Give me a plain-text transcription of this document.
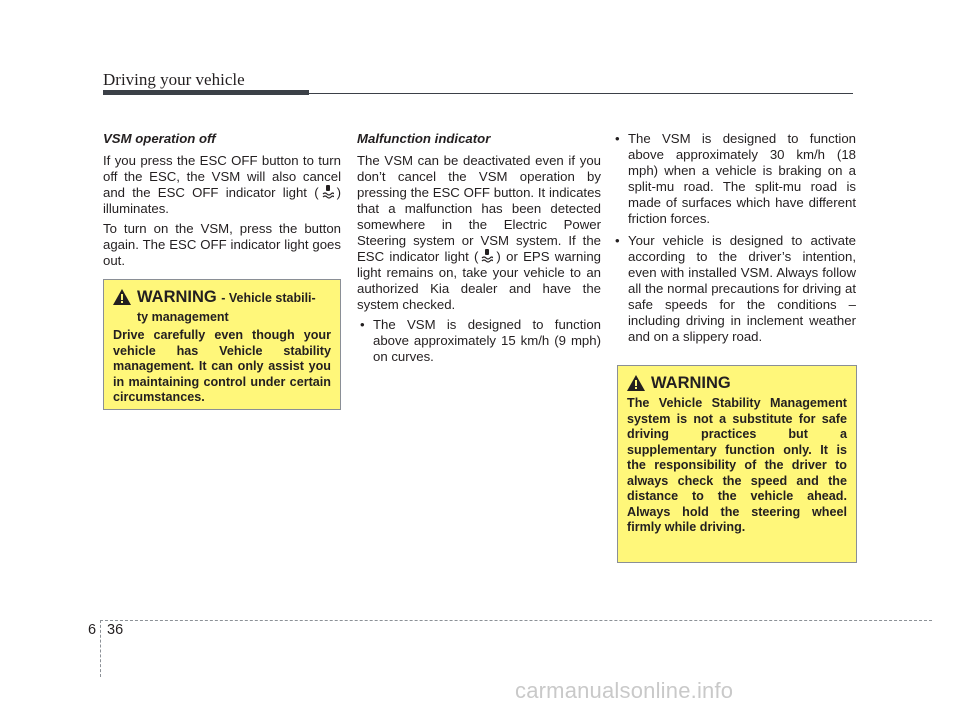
Driving your vehicle
VSM operation off

If you press the ESC OFF button to turn off the ESC, the VSM will also cancel and the ESC OFF indicator light ( ) illuminates.

To turn on the VSM, press the button again. The ESC OFF indicator light goes out.

WARNING - Vehicle stabili-
ty management
Drive carefully even though your vehicle has Vehicle stability management. It can only assist you in maintaining control under certain circumstances.
Malfunction indicator

The VSM can be deactivated even if you don’t cancel the VSM operation by pressing the ESC OFF button. It indicates that a malfunction has been detected somewhere in the Electric Power Steering system or VSM system. If the ESC indicator light ( ) or EPS warning light remains on, take your vehicle to an authorized Kia dealer and have the system checked.

• The VSM is designed to function above approximately 15 km/h (9 mph) on curves.
• The VSM is designed to function above approximately 30 km/h (18 mph) when a vehicle is braking on a split-mu road. The split-mu road is made of surfaces which have different friction forces.
• Your vehicle is designed to activate according to the driver’s intention, even with installed VSM. Always follow all the normal precautions for driving at safe speeds for the conditions – including driving in inclement weather and on a slippery road.
WARNING
The Vehicle Stability Management system is not a substitute for safe driving practices but a supplementary function only. It is the responsibility of the driver to always check the speed and the distance to the vehicle ahead. Always hold the steering wheel firmly while driving.
6 36
carmanualsonline.info
